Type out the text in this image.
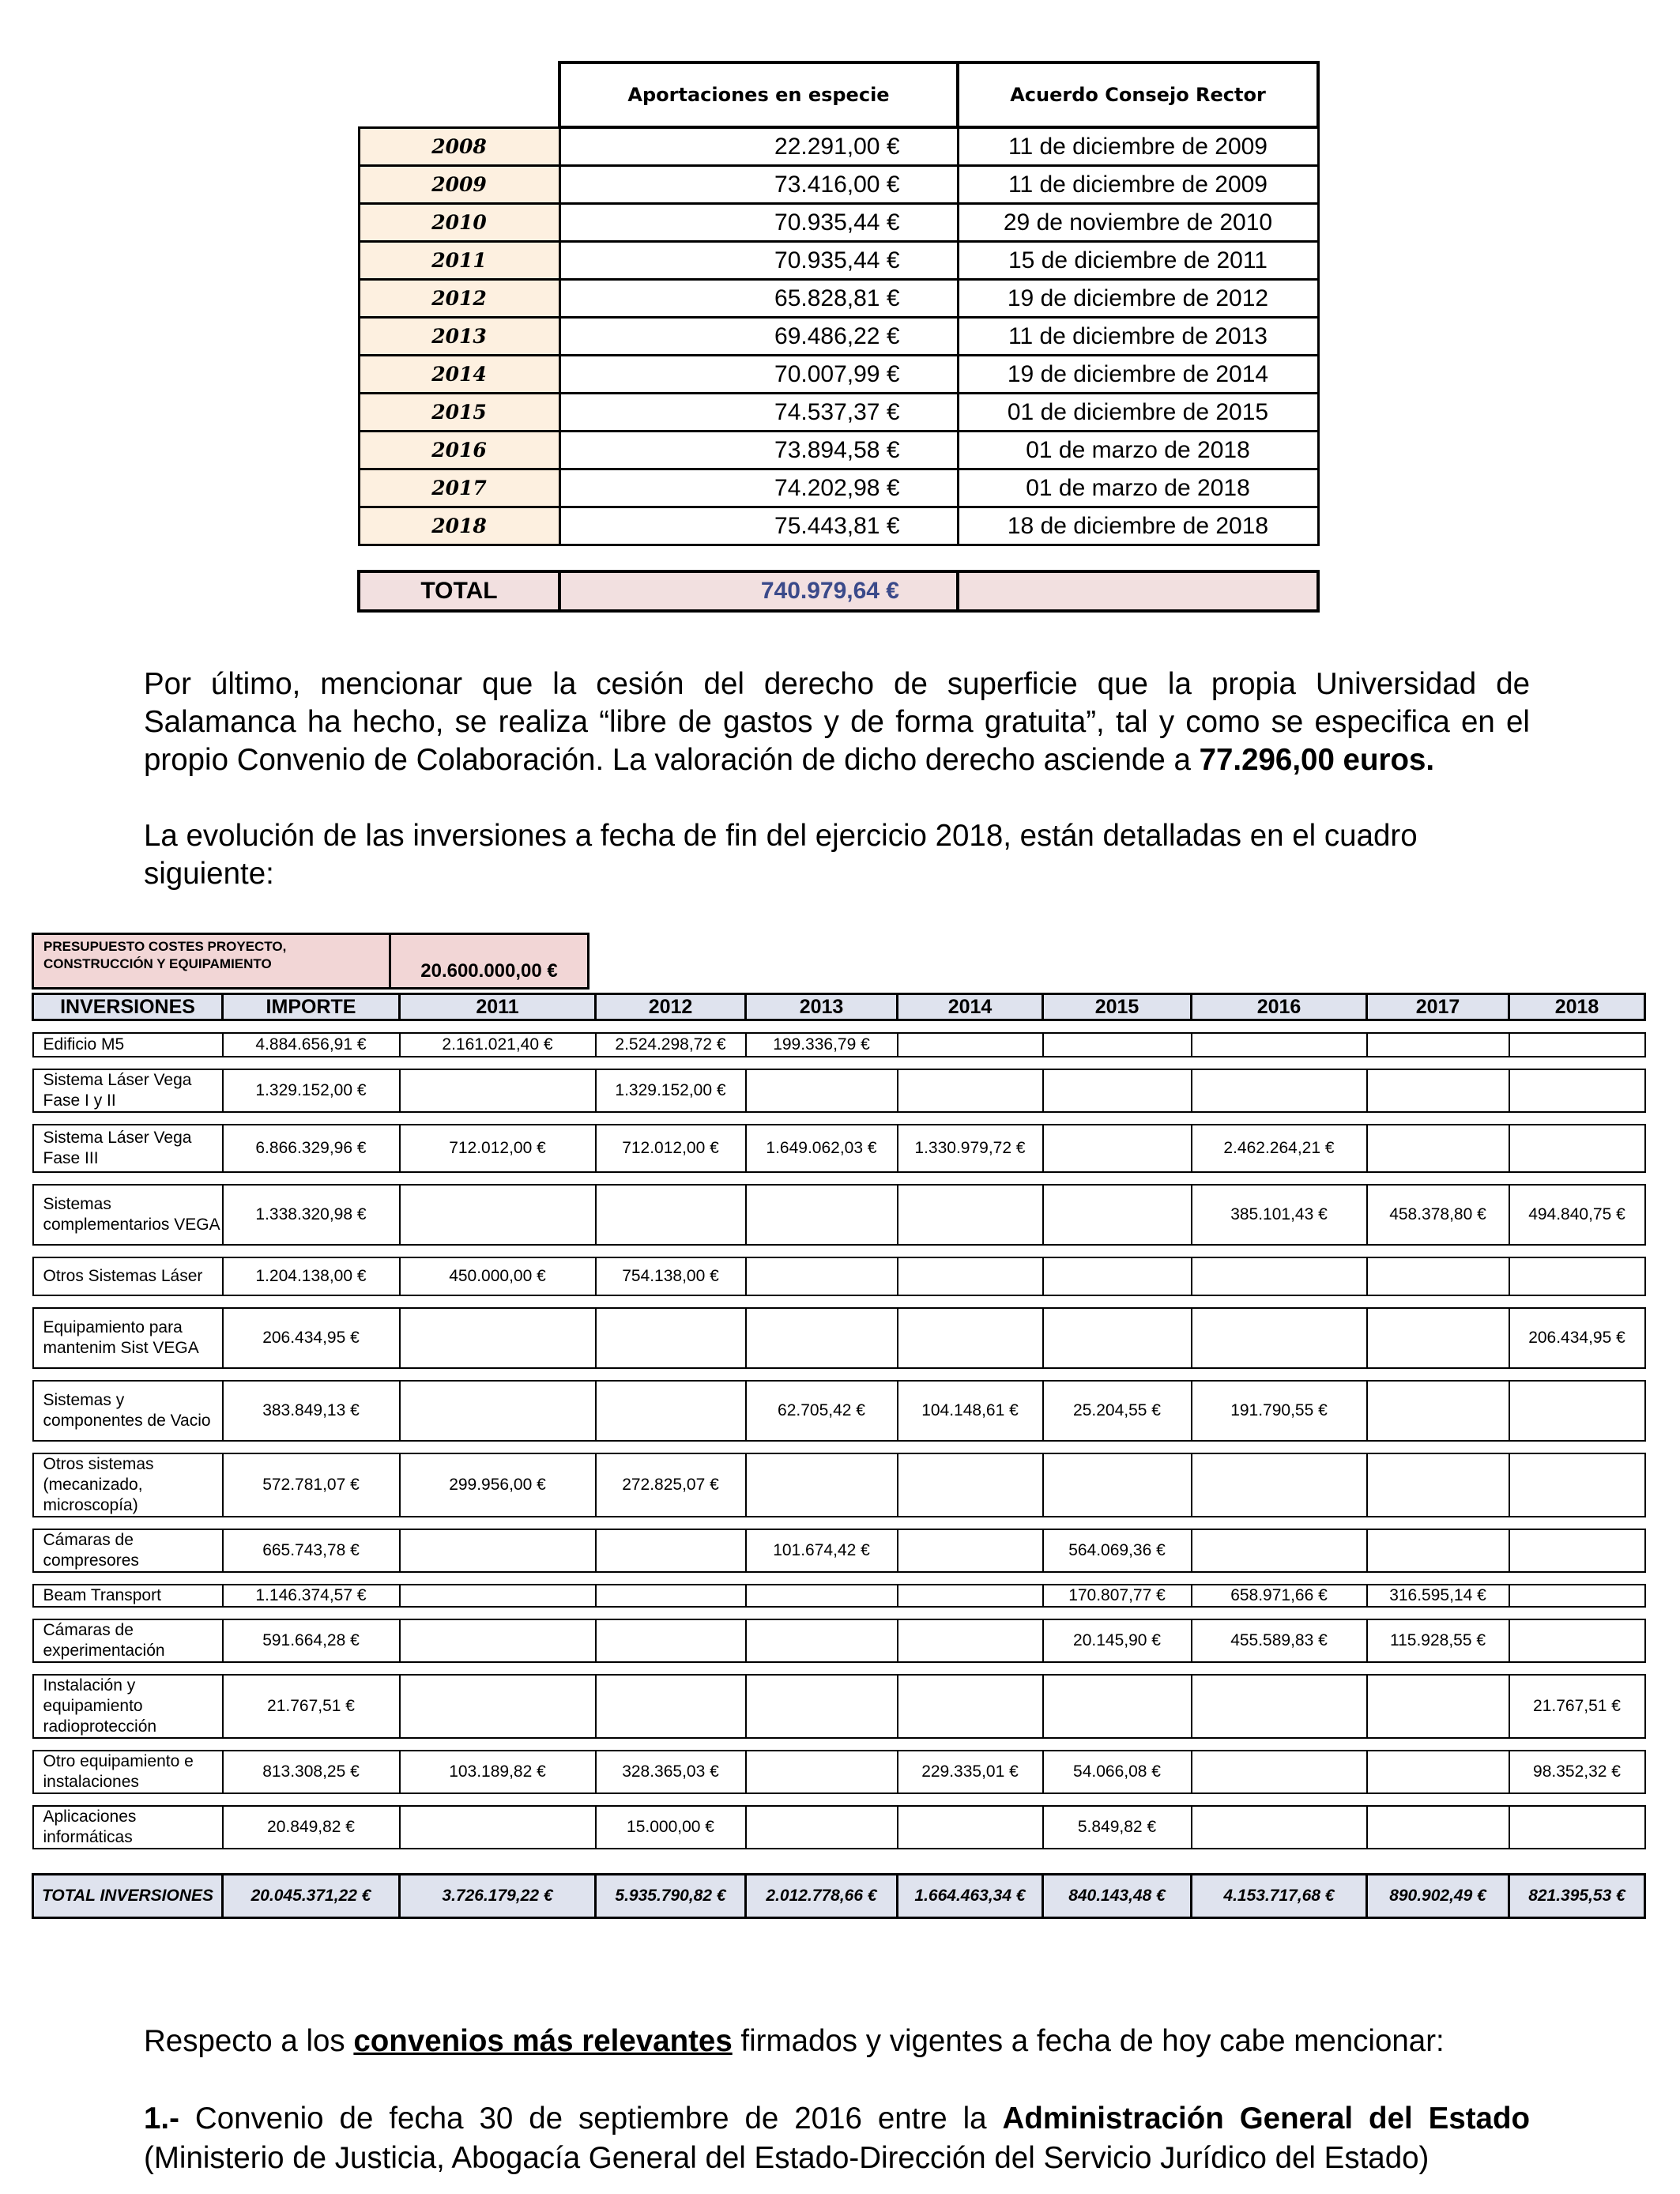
	Aportaciones en especie	Acuerdo Consejo Rector
2008	22.291,00 €	11 de diciembre de 2009
2009	73.416,00 €	11 de diciembre de 2009
2010	70.935,44 €	29 de noviembre de 2010
2011	70.935,44 €	15 de diciembre de 2011
2012	65.828,81 €	19 de diciembre de 2012
2013	69.486,22 €	11 de diciembre de 2013
2014	70.007,99 €	19 de diciembre de 2014
2015	74.537,37 €	01 de diciembre de 2015
2016	73.894,58 €	01 de marzo de 2018
2017	74.202,98 €	01 de marzo de 2018
2018	75.443,81 €	18 de diciembre de 2018

TOTAL	740.979,64 €	
Por último, mencionar que la cesión del derecho de superficie que la propia Universidad de Salamanca ha hecho, se realiza “libre de gastos y de forma gratuita”, tal y como se especifica en el propio Convenio de Colaboración. La valoración de dicho derecho asciende a 77.296,00 euros.
La evolución de las inversiones a fecha de fin del ejercicio 2018, están detalladas en el cuadro siguiente:
PRESUPUESTO COSTES PROYECTO, CONSTRUCCIÓN Y EQUIPAMIENTO	20.600.000,00 €
INVERSIONES	IMPORTE	2011	2012	2013	2014	2015	2016	2017	2018

Edificio M5	4.884.656,91 €	2.161.021,40 €	2.524.298,72 €	199.336,79 €					

Sistema Láser Vega Fase I y II	1.329.152,00 €		1.329.152,00 €						

Sistema Láser Vega Fase III	6.866.329,96 €	712.012,00 €	712.012,00 €	1.649.062,03 €	1.330.979,72 €		2.462.264,21 €		

Sistemas complementarios VEGA	1.338.320,98 €						385.101,43 €	458.378,80 €	494.840,75 €

Otros Sistemas Láser	1.204.138,00 €	450.000,00 €	754.138,00 €						

Equipamiento para mantenim Sist VEGA	206.434,95 €								206.434,95 €

Sistemas y componentes de Vacio	383.849,13 €			62.705,42 €	104.148,61 €	25.204,55 €	191.790,55 €		

Otros sistemas (mecanizado, microscopía)	572.781,07 €	299.956,00 €	272.825,07 €						

Cámaras de compresores	665.743,78 €			101.674,42 €		564.069,36 €			

Beam Transport	1.146.374,57 €					170.807,77 €	658.971,66 €	316.595,14 €	

Cámaras de experimentación	591.664,28 €					20.145,90 €	455.589,83 €	115.928,55 €	

Instalación y equipamiento radioprotección	21.767,51 €								21.767,51 €

Otro equipamiento e instalaciones	813.308,25 €	103.189,82 €	328.365,03 €		229.335,01 €	54.066,08 €			98.352,32 €

Aplicaciones informáticas	20.849,82 €		15.000,00 €			5.849,82 €			

TOTAL INVERSIONES	20.045.371,22 €	3.726.179,22 €	5.935.790,82 €	2.012.778,66 €	1.664.463,34 €	840.143,48 €	4.153.717,68 €	890.902,49 €	821.395,53 €
Respecto a los convenios más relevantes firmados y vigentes a fecha de hoy cabe mencionar:
1.- Convenio de fecha 30 de septiembre de 2016 entre la Administración General del Estado (Ministerio de Justicia, Abogacía General del Estado-Dirección del Servicio Jurídico del Estado)
